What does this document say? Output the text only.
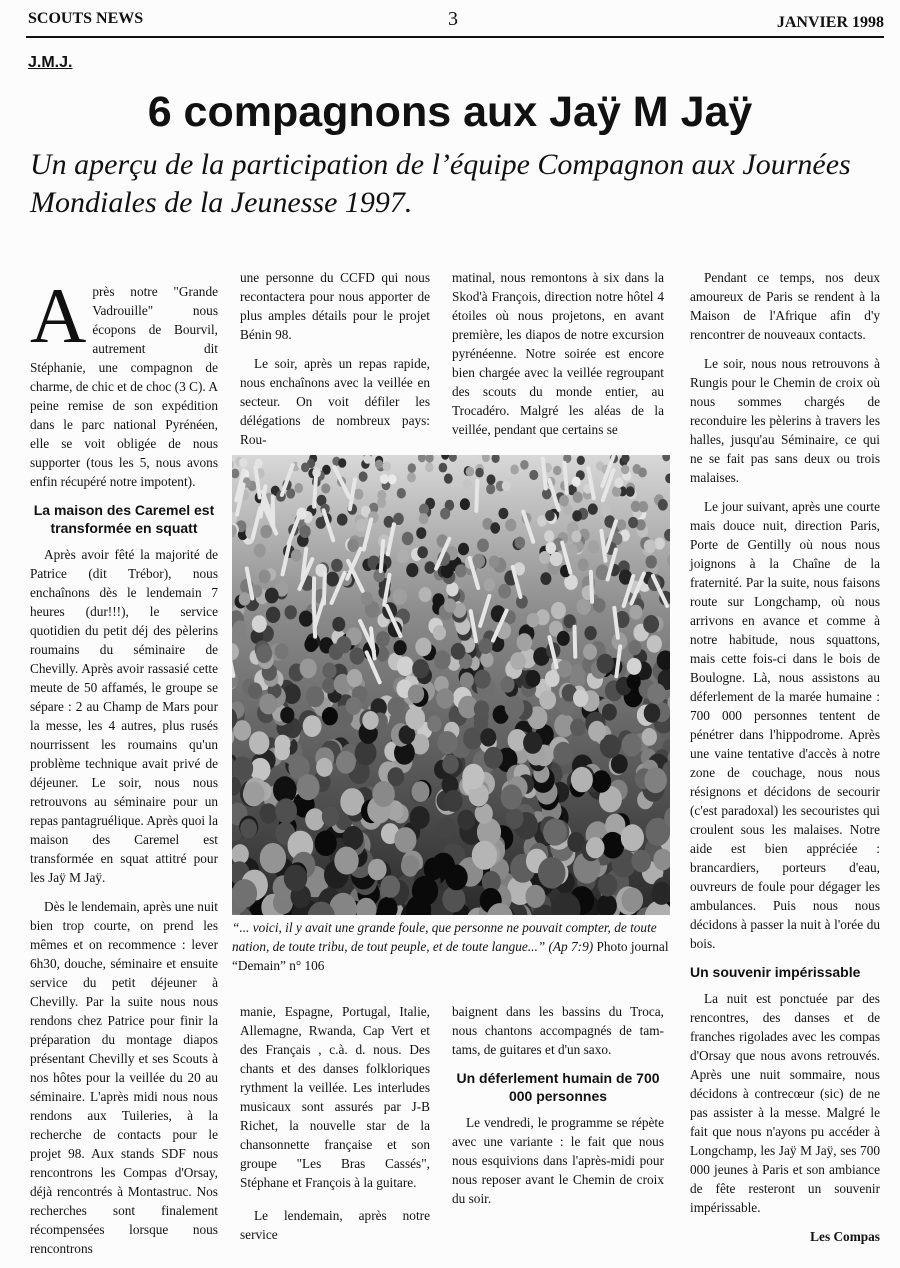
SCOUTS NEWS	3	JANVIER 1998
J.M.J.
6 compagnons aux Jaÿ M Jaÿ
Un aperçu de la participation de l’équipe Compagnon aux Journées Mondiales de la Jeunesse 1997.

Après notre "Grande Vadrouille" nous écopons de Bourvil, autrement dit Stéphanie, une compagnon de charme, de chic et de choc (3 C). A peine remise de son expédition dans le parc national Pyrénéen, elle se voit obligée de nous supporter (tous les 5, nous avons enfin récupéré notre impotent).

La maison des Caremel est transformée en squatt

Après avoir fêté la majorité de Patrice (dit Trébor), nous enchaînons dès le lendemain 7 heures (dur!!!), le service quotidien du petit déj des pèlerins roumains du séminaire de Chevilly. Après avoir rassasié cette meute de 50 affamés, le groupe se sépare : 2 au Champ de Mars pour la messe, les 4 autres, plus rusés nourrissent les roumains qu'un problème technique avait privé de déjeuner. Le soir, nous nous retrouvons au séminaire pour un repas pantagruélique. Après quoi la maison des Caremel est transformée en squat attitré pour les Jaÿ M Jaÿ.

Dès le lendemain, après une nuit bien trop courte, on prend les mêmes et on recommence : lever 6h30, douche, séminaire et ensuite service du petit déjeuner à Chevilly. Par la suite nous nous rendons chez Patrice pour finir la préparation du montage diapos présentant Chevilly et ses Scouts à nos hôtes pour la veillée du 20 au séminaire. L'après midi nous nous rendons aux Tuileries, à la recherche de contacts pour le projet 98. Aux stands SDF nous rencontrons les Compas d'Orsay, déjà rencontrés à Montastruc. Nos recherches sont finalement récompensées lorsque nous rencontrons

une personne du CCFD qui nous recontactera pour nous apporter de plus amples détails pour le projet Bénin 98.

Le soir, après un repas rapide, nous enchaînons avec la veillée en secteur. On voit défiler les délégations de nombreux pays: Rou-

matinal, nous remontons à six dans la Skod'à François, direction notre hôtel 4 étoiles où nous projetons, en avant première, les diapos de notre excursion pyrénéenne. Notre soirée est encore bien chargée avec la veillée regroupant des scouts du monde entier, au Trocadéro. Malgré les aléas de la veillée, pendant que certains se

“... voici, il y avait une grande foule, que personne ne pouvait compter, de toute nation, de toute tribu, de tout peuple, et de toute langue...” (Ap 7:9) Photo journal “Demain” n° 106

manie, Espagne, Portugal, Italie, Allemagne, Rwanda, Cap Vert et des Français , c.à. d. nous. Des chants et des danses folkloriques rythment la veillée. Les interludes musicaux sont assurés par J-B Richet, la nouvelle star de la chansonnette française et son groupe "Les Bras Cassés", Stéphane et François à la guitare.

Le lendemain, après notre service

baignent dans les bassins du Troca, nous chantons accompagnés de tam-tams, de guitares et d'un saxo.

Un déferlement humain de 700 000 personnes

Le vendredi, le programme se répète avec une variante : le fait que nous nous esquivions dans l'après-midi pour nous reposer avant le Chemin de croix du soir.

Pendant ce temps, nos deux amoureux de Paris se rendent à la Maison de l'Afrique afin d'y rencontrer de nouveaux contacts.

Le soir, nous nous retrouvons à Rungis pour le Chemin de croix où nous sommes chargés de reconduire les pèlerins à travers les halles, jusqu'au Séminaire, ce qui ne se fait pas sans deux ou trois malaises.

Le jour suivant, après une courte mais douce nuit, direction Paris, Porte de Gentilly où nous nous joignons à la Chaîne de la fraternité. Par la suite, nous faisons route sur Longchamp, où nous arrivons en avance et comme à notre habitude, nous squattons, mais cette fois-ci dans le bois de Boulogne. Là, nous assistons au déferlement de la marée humaine : 700 000 personnes tentent de pénétrer dans l'hippodrome. Après une vaine tentative d'accès à notre zone de couchage, nous nous résignons et décidons de secourir (c'est paradoxal) les secouristes qui croulent sous les malaises. Notre aide est bien appréciée : brancardiers, porteurs d'eau, ouvreurs de foule pour dégager les ambulances. Puis nous nous décidons à passer la nuit à l'orée du bois.

Un souvenir impérissable

La nuit est ponctuée par des rencontres, des danses et de franches rigolades avec les compas d'Orsay que nous avons retrouvés. Après une nuit sommaire, nous décidons à contrecœur (sic) de ne pas assister à la messe. Malgré le fait que nous n'ayons pu accéder à Longchamp, les Jaÿ M Jaÿ, ses 700 000 jeunes à Paris et son ambiance de fête resteront un souvenir impérissable.

Les Compas
